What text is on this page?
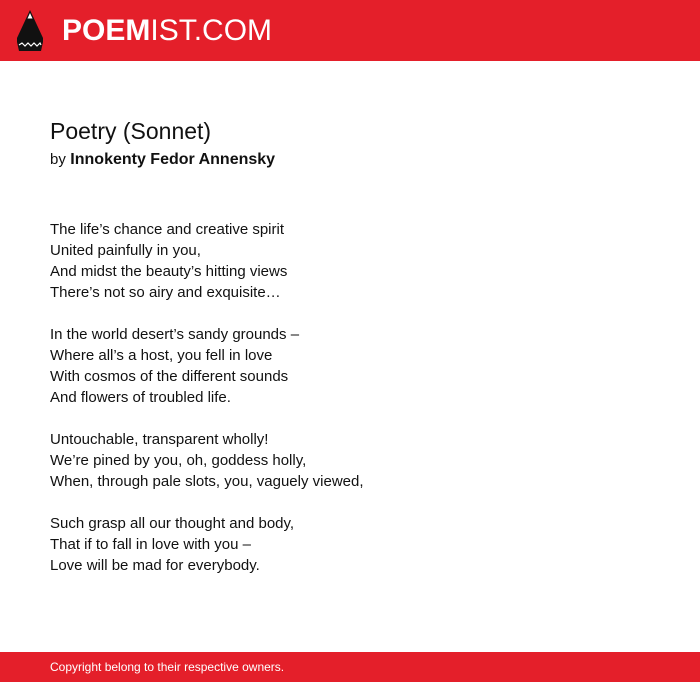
POEMIST.COM
Poetry (Sonnet)
by Innokenty Fedor Annensky
The life’s chance and creative spirit
United painfully in you,
And midst the beauty’s hitting views
There’s not so airy and exquisite…
In the world desert’s sandy grounds –
Where all’s a host, you fell in love
With cosmos of the different sounds
And flowers of troubled life.
Untouchable, transparent wholly!
We’re pined by you, oh, goddess holly,
When, through pale slots, you, vaguely viewed,
Such grasp all our thought and body,
That if to fall in love with you –
Love will be mad for everybody.
Copyright belong to their respective owners.
